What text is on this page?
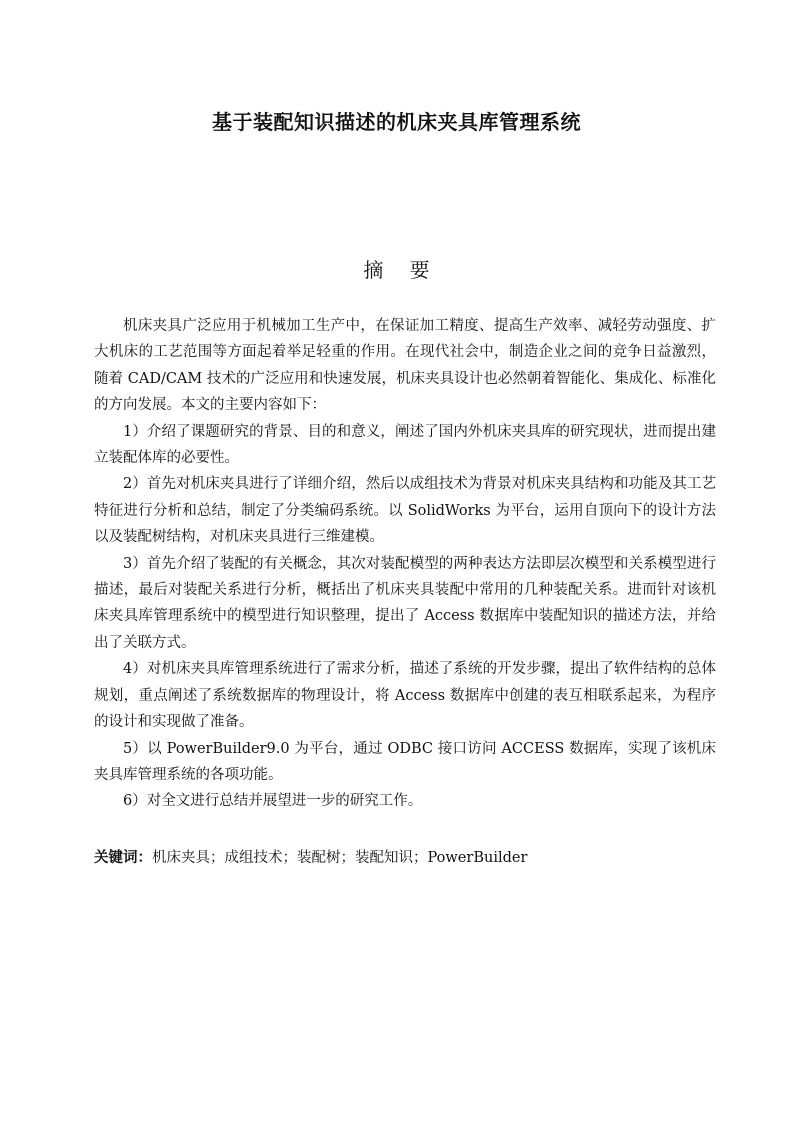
基于装配知识描述的机床夹具库管理系统
摘 要

机床夹具广泛应用于机械加工生产中，在保证加工精度、提高生产效率、减轻劳动强度、扩大机床的工艺范围等方面起着举足轻重的作用。在现代社会中，制造企业之间的竞争日益激烈，随着 CAD/CAM 技术的广泛应用和快速发展，机床夹具设计也必然朝着智能化、集成化、标准化的方向发展。本文的主要内容如下：

1）介绍了课题研究的背景、目的和意义，阐述了国内外机床夹具库的研究现状，进而提出建立装配体库的必要性。

2）首先对机床夹具进行了详细介绍，然后以成组技术为背景对机床夹具结构和功能及其工艺特征进行分析和总结，制定了分类编码系统。以 SolidWorks 为平台，运用自顶向下的设计方法以及装配树结构，对机床夹具进行三维建模。

3）首先介绍了装配的有关概念，其次对装配模型的两种表达方法即层次模型和关系模型进行描述，最后对装配关系进行分析，概括出了机床夹具装配中常用的几种装配关系。进而针对该机床夹具库管理系统中的模型进行知识整理，提出了 Access 数据库中装配知识的描述方法，并给出了关联方式。

4）对机床夹具库管理系统进行了需求分析，描述了系统的开发步骤，提出了软件结构的总体规划，重点阐述了系统数据库的物理设计，将 Access 数据库中创建的表互相联系起来，为程序的设计和实现做了准备。

5）以 PowerBuilder9.0 为平台，通过 ODBC 接口访问 ACCESS 数据库，实现了该机床夹具库管理系统的各项功能。

6）对全文进行总结并展望进一步的研究工作。

关键词：机床夹具；成组技术；装配树；装配知识；PowerBuilder
